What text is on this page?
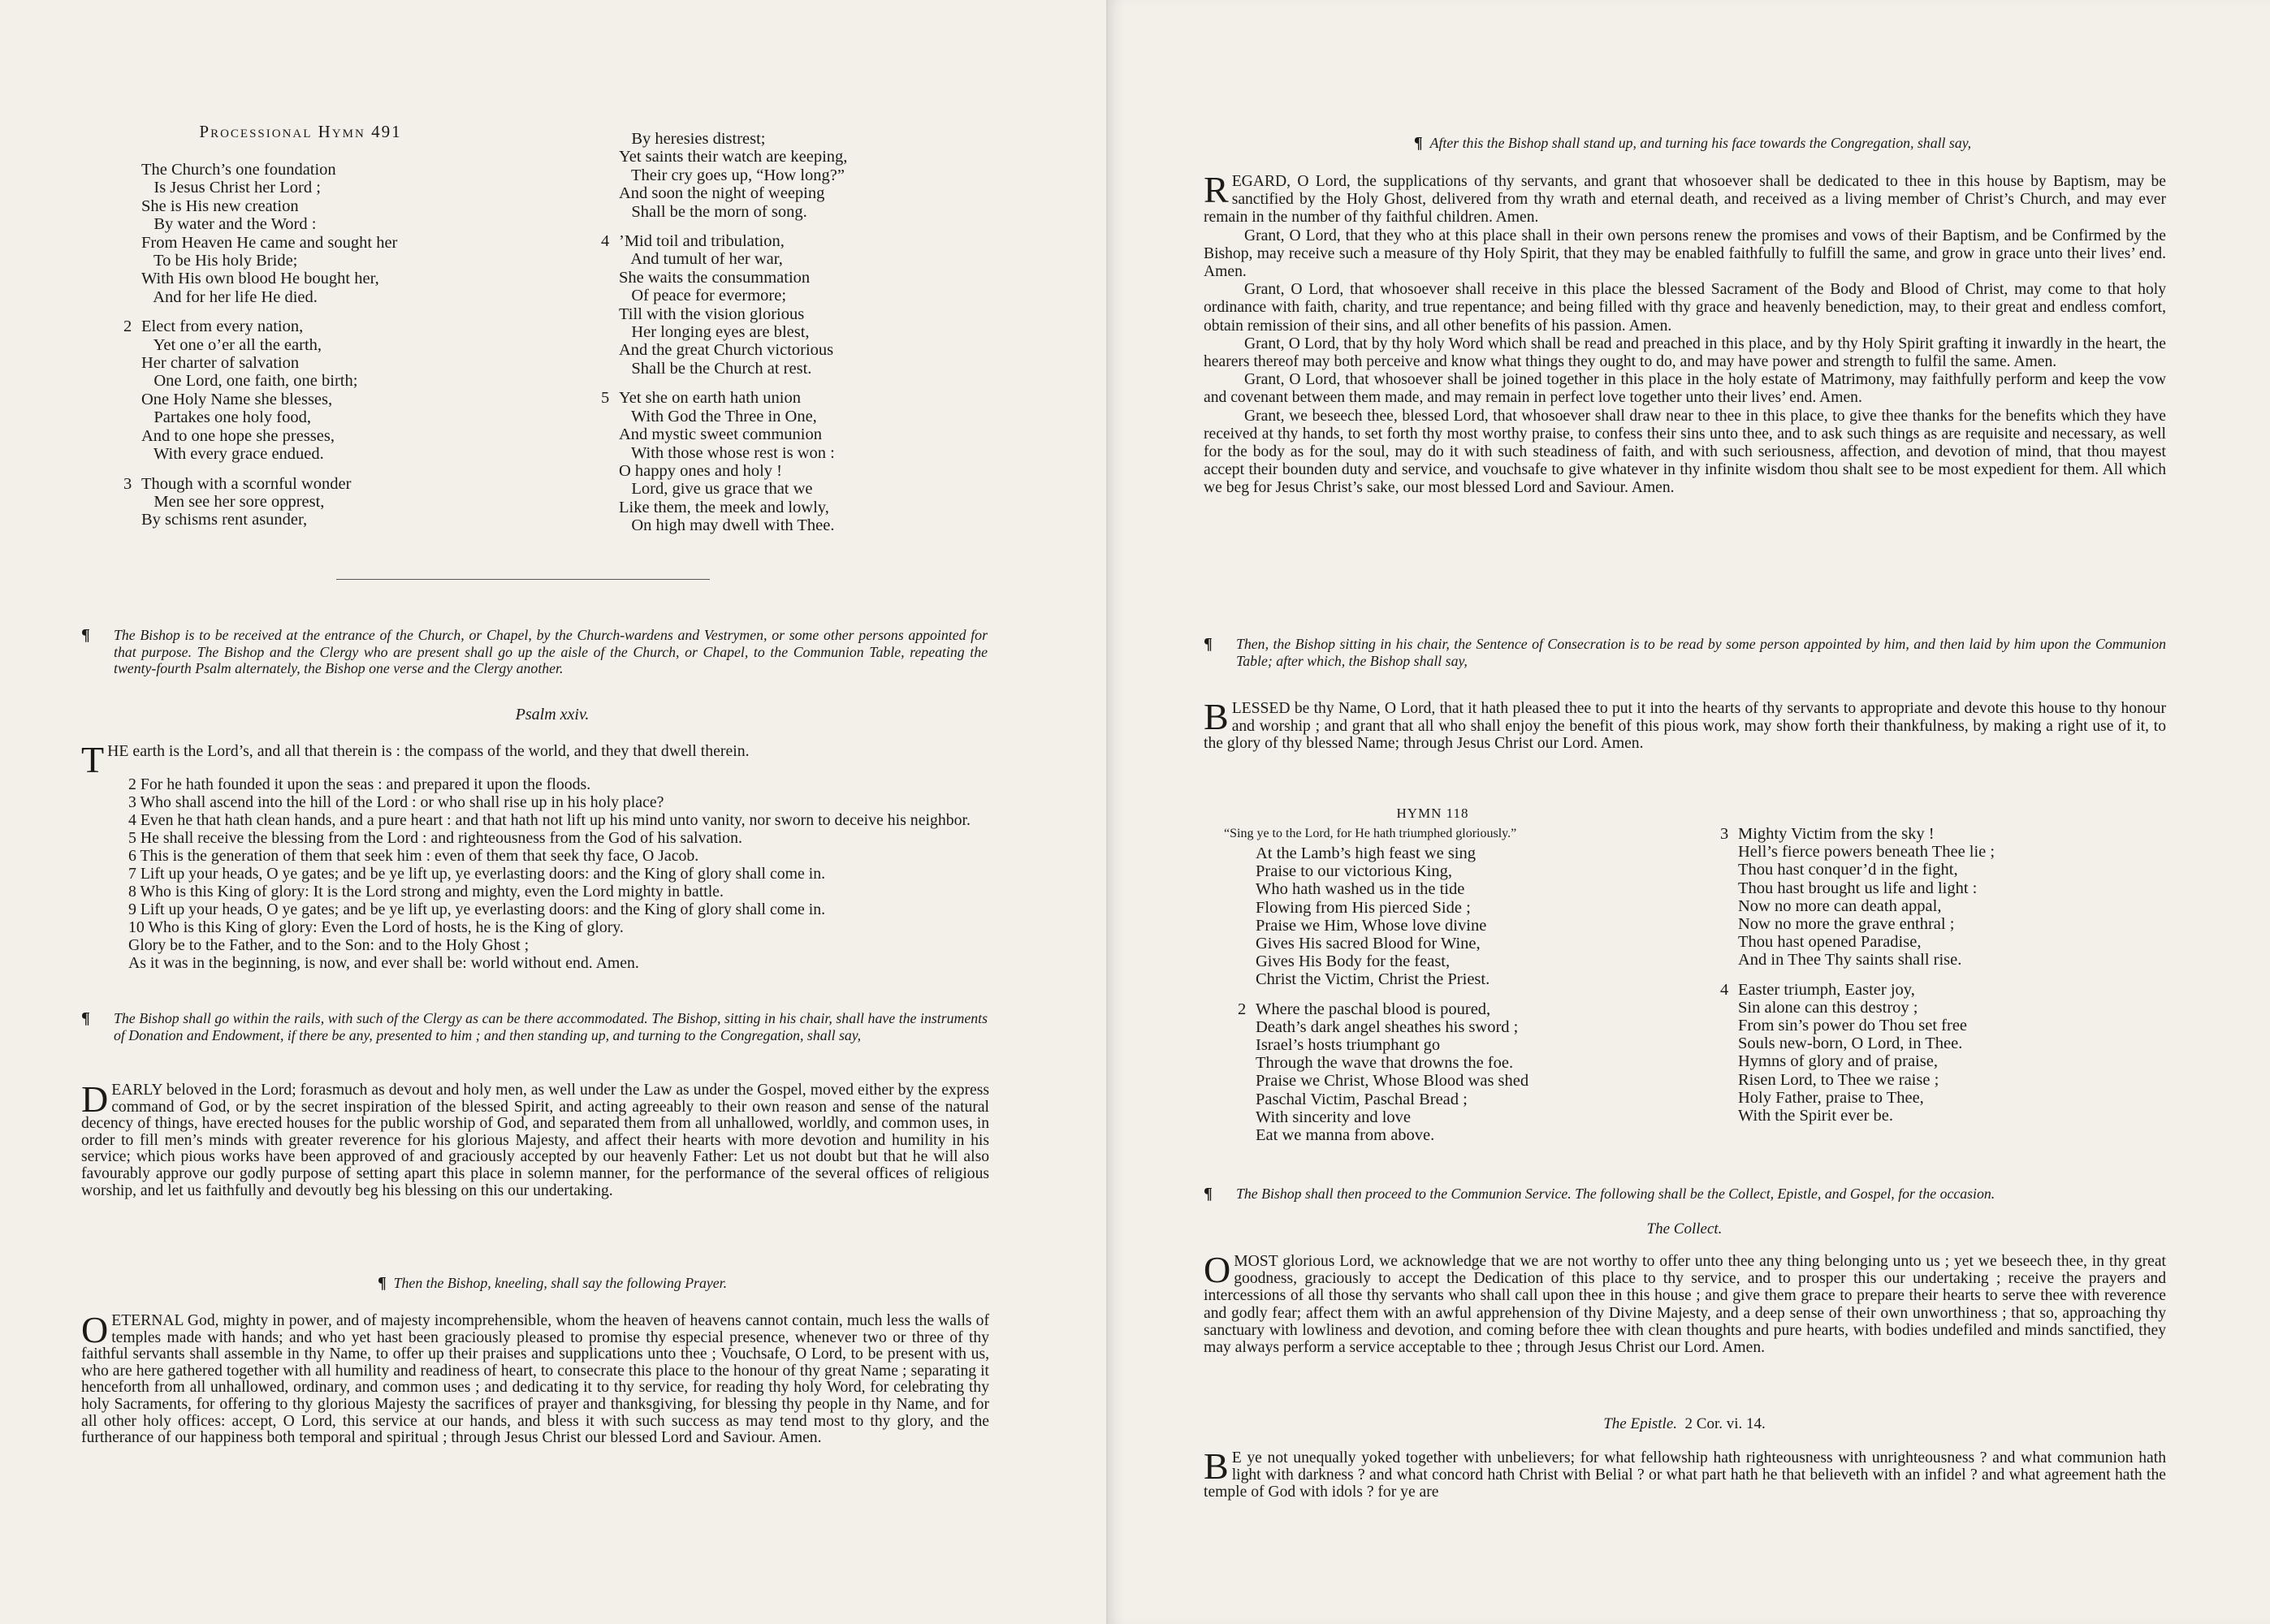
Processional Hymn 491
The Church’s one foundation
Is Jesus Christ her Lord ;
She is His new creation
By water and the Word :
From Heaven He came and sought her
To be His holy Bride;
With His own blood He bought her,
And for her life He died.
2 Elect from every nation,
Yet one o’er all the earth,
Her charter of salvation
One Lord, one faith, one birth;
One Holy Name she blesses,
Partakes one holy food,
And to one hope she presses,
With every grace endued.
3 Though with a scornful wonder
Men see her sore opprest,
By schisms rent asunder,
By heresies distrest;
Yet saints their watch are keeping,
Their cry goes up, “How long?”
And soon the night of weeping
Shall be the morn of song.
4 ’Mid toil and tribulation,
And tumult of her war,
She waits the consummation
Of peace for evermore;
Till with the vision glorious
Her longing eyes are blest,
And the great Church victorious
Shall be the Church at rest.
5 Yet she on earth hath union
With God the Three in One,
And mystic sweet communion
With those whose rest is won :
O happy ones and holy !
Lord, give us grace that we
Like them, the meek and lowly,
On high may dwell with Thee.
¶ The Bishop is to be received at the entrance of the Church, or Chapel, by the Church-wardens and Vestrymen, or some other persons appointed for that purpose. The Bishop and the Clergy who are present shall go up the aisle of the Church, or Chapel, to the Communion Table, repeating the twenty-fourth Psalm alternately, the Bishop one verse and the Clergy another.
Psalm xxiv.
T HE earth is the Lord’s, and all that therein is : the compass of the world, and they that dwell therein.
2 For he hath founded it upon the seas : and prepared it upon the floods.
3 Who shall ascend into the hill of the Lord : or who shall rise up in his holy place?
4 Even he that hath clean hands, and a pure heart : and that hath not lift up his mind unto vanity, nor sworn to deceive his neighbor.
5 He shall receive the blessing from the Lord : and righteousness from the God of his salvation.
6 This is the generation of them that seek him : even of them that seek thy face, O Jacob.
7 Lift up your heads, O ye gates; and be ye lift up, ye everlasting doors: and the King of glory shall come in.
8 Who is this King of glory: It is the Lord strong and mighty, even the Lord mighty in battle.
9 Lift up your heads, O ye gates; and be ye lift up, ye everlasting doors: and the King of glory shall come in.
10 Who is this King of glory: Even the Lord of hosts, he is the King of glory.
Glory be to the Father, and to the Son: and to the Holy Ghost ;
As it was in the beginning, is now, and ever shall be: world without end. Amen.
¶ The Bishop shall go within the rails, with such of the Clergy as can be there accommodated. The Bishop, sitting in his chair, shall have the instruments of Donation and Endowment, if there be any, presented to him ; and then standing up, and turning to the Congregation, shall say,
D EARLY beloved in the Lord; forasmuch as devout and holy men, as well under the Law as under the Gospel, moved either by the express command of God, or by the secret inspiration of the blessed Spirit, and acting agreeably to their own reason and sense of the natural decency of things, have erected houses for the public worship of God, and separated them from all unhallowed, worldly, and common uses, in order to fill men’s minds with greater reverence for his glorious Majesty, and affect their hearts with more devotion and humility in his service; which pious works have been approved of and graciously accepted by our heavenly Father: Let us not doubt but that he will also favourably approve our godly purpose of setting apart this place in solemn manner, for the performance of the several offices of religious worship, and let us faithfully and devoutly beg his blessing on this our undertaking.
¶ Then the Bishop, kneeling, shall say the following Prayer.
O ETERNAL God, mighty in power, and of majesty incomprehensible, whom the heaven of heavens cannot contain, much less the walls of temples made with hands; and who yet hast been graciously pleased to promise thy especial presence, whenever two or three of thy faithful servants shall assemble in thy Name, to offer up their praises and supplications unto thee ; Vouchsafe, O Lord, to be present with us, who are here gathered together with all humility and readiness of heart, to consecrate this place to the honour of thy great Name ; separating it henceforth from all unhallowed, ordinary, and common uses ; and dedicating it to thy service, for reading thy holy Word, for celebrating thy holy Sacraments, for offering to thy glorious Majesty the sacrifices of prayer and thanksgiving, for blessing thy people in thy Name, and for all other holy offices: accept, O Lord, this service at our hands, and bless it with such success as may tend most to thy glory, and the furtherance of our happiness both temporal and spiritual ; through Jesus Christ our blessed Lord and Saviour. Amen.
¶ After this the Bishop shall stand up, and turning his face towards the Congregation, shall say,

REGARD, O Lord, the supplications of thy servants, and grant that whosoever shall be dedicated to thee in this house by Baptism, may be sanctified by the Holy Ghost, delivered from thy wrath and eternal death, and received as a living member of Christ’s Church, and may ever remain in the number of thy faithful children. Amen.

Grant, O Lord, that they who at this place shall in their own persons renew the promises and vows of their Baptism, and be Confirmed by the Bishop, may receive such a measure of thy Holy Spirit, that they may be enabled faithfully to fulfill the same, and grow in grace unto their lives’ end. Amen.

Grant, O Lord, that whosoever shall receive in this place the blessed Sacrament of the Body and Blood of Christ, may come to that holy ordinance with faith, charity, and true repentance; and being filled with thy grace and heavenly benediction, may, to their great and endless comfort, obtain remission of their sins, and all other benefits of his passion. Amen.

Grant, O Lord, that by thy holy Word which shall be read and preached in this place, and by thy Holy Spirit grafting it inwardly in the heart, the hearers thereof may both perceive and know what things they ought to do, and may have power and strength to fulfil the same. Amen.

Grant, O Lord, that whosoever shall be joined together in this place in the holy estate of Matrimony, may faithfully perform and keep the vow and covenant between them made, and may remain in perfect love together unto their lives’ end. Amen.

Grant, we beseech thee, blessed Lord, that whosoever shall draw near to thee in this place, to give thee thanks for the benefits which they have received at thy hands, to set forth thy most worthy praise, to confess their sins unto thee, and to ask such things as are requisite and necessary, as well for the body as for the soul, may do it with such steadiness of faith, and with such seriousness, affection, and devotion of mind, that thou mayest accept their bounden duty and service, and vouchsafe to give whatever in thy infinite wisdom thou shalt see to be most expedient for them. All which we beg for Jesus Christ’s sake, our most blessed Lord and Saviour. Amen.

¶ Then, the Bishop sitting in his chair, the Sentence of Consecration is to be read by some person appointed by him, and then laid by him upon the Communion Table; after which, the Bishop shall say,
B LESSED be thy Name, O Lord, that it hath pleased thee to put it into the hearts of thy servants to appropriate and devote this house to thy honour and worship ; and grant that all who shall enjoy the benefit of this pious work, may show forth their thankfulness, by making a right use of it, to the glory of thy blessed Name; through Jesus Christ our Lord. Amen.
HYMN 118
“Sing ye to the Lord, for He hath triumphed gloriously.”
At the Lamb’s high feast we sing
Praise to our victorious King,
Who hath washed us in the tide
Flowing from His pierced Side ;
Praise we Him, Whose love divine
Gives His sacred Blood for Wine,
Gives His Body for the feast,
Christ the Victim, Christ the Priest.
2 Where the paschal blood is poured,
Death’s dark angel sheathes his sword ;
Israel’s hosts triumphant go
Through the wave that drowns the foe.
Praise we Christ, Whose Blood was shed
Paschal Victim, Paschal Bread ;
With sincerity and love
Eat we manna from above.
3 Mighty Victim from the sky !
Hell’s fierce powers beneath Thee lie ;
Thou hast conquer’d in the fight,
Thou hast brought us life and light :
Now no more can death appal,
Now no more the grave enthral ;
Thou hast opened Paradise,
And in Thee Thy saints shall rise.
4 Easter triumph, Easter joy,
Sin alone can this destroy ;
From sin’s power do Thou set free
Souls new-born, O Lord, in Thee.
Hymns of glory and of praise,
Risen Lord, to Thee we raise ;
Holy Father, praise to Thee,
With the Spirit ever be.
¶ The Bishop shall then proceed to the Communion Service. The following shall be the Collect, Epistle, and Gospel, for the occasion.
The Collect.
O MOST glorious Lord, we acknowledge that we are not worthy to offer unto thee any thing belonging unto us ; yet we beseech thee, in thy great goodness, graciously to accept the Dedication of this place to thy service, and to prosper this our undertaking ; receive the prayers and intercessions of all those thy servants who shall call upon thee in this house ; and give them grace to prepare their hearts to serve thee with reverence and godly fear; affect them with an awful apprehension of thy Divine Majesty, and a deep sense of their own unworthiness ; that so, approaching thy sanctuary with lowliness and devotion, and coming before thee with clean thoughts and pure hearts, with bodies undefiled and minds sanctified, they may always perform a service acceptable to thee ; through Jesus Christ our Lord. Amen.
The Epistle. 2 Cor. vi. 14.
B E ye not unequally yoked together with unbelievers; for what fellowship hath righteousness with unrighteousness ? and what communion hath light with darkness ? and what concord hath Christ with Belial ? or what part hath he that believeth with an infidel ? and what agreement hath the temple of God with idols ? for ye are
